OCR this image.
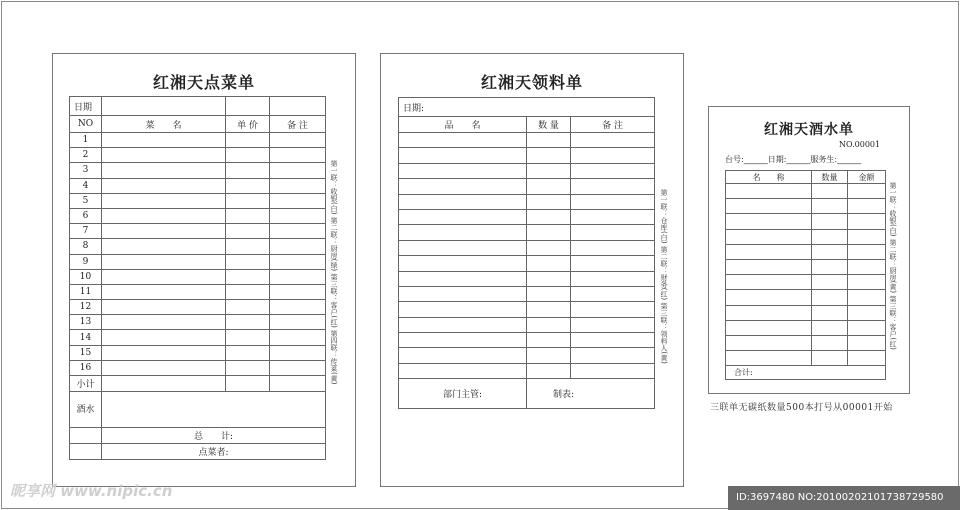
红湘天点菜单
日期			
NO	菜　　名	单 价	备 注
1			
2			
3			
4			
5			
6			
7			
8			
9			
10			
11			
12			
13			
14			
15			
16			
小计			
酒水			
	总　　计:		
	点菜者:		
第一联：收银(白) 第二联：厨房(绿) 第三联：客户(红) 第四联：传菜(黄)
红湘天领料单
日期:		
品　　名	数 量	备 注

部门主管:	制表:	
第一联：仓库(白) 第二联：财务(红) 第三联：领料人(黄)
红湘天酒水单
NO.00001
台号:______日期:______服务生:______
名　　称	数量	金额

合计:		
第一联：收银(白) 第二联：厨房(黄) 第三联：客户(红)
三联单无碳纸数量500本打号从00001开始
昵享网 www.nipic.cn	ID:3697480 NO:20100202101738729580
